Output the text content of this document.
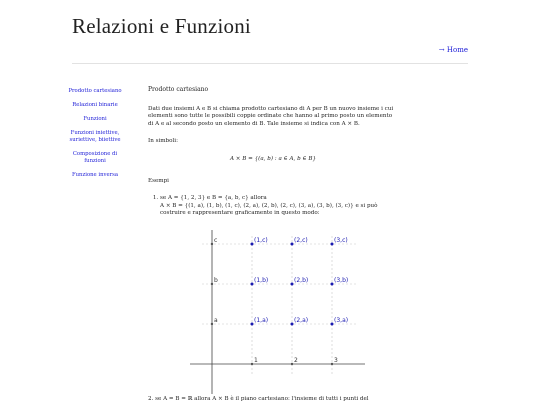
Relazioni e Funzioni
→ Home
Prodotto cartesiano
Relazioni binarie
Funzioni
Funzioni iniettive, suriettive, biiettive
Composizione di funzioni
Funzione inversa
Prodotto cartesiano

Dati due insiemi A e B si chiama prodotto cartesiano di A per B un nuovo insieme i cui elementi sono tutte le possibili coppie ordinate che hanno al primo posto un elemento di A e al secondo posto un elemento di B. Tale insieme si indica con A × B.

In simboli:

A × B = {(a, b) : a ∈ A, b ∈ B}

Esempi

1. se A = {1, 2, 3} e B = {a, b, c} allora
A × B = {(1, a), (1, b), (1, c), (2, a), (2, b), (2, c), (3, a), (3, b), (3, c)} e si può
costruire e rappresentare graficamente in questo modo:
1	2	3
a
b
c
(1,a)	(2,a)	(3,a)
(1,b)	(2,b)	(3,b)
(1,c)	(2,c)	(3,c)
2. se A = B = ℝ allora A × B è il piano cartesiano: l'insieme di tutti i punti del
